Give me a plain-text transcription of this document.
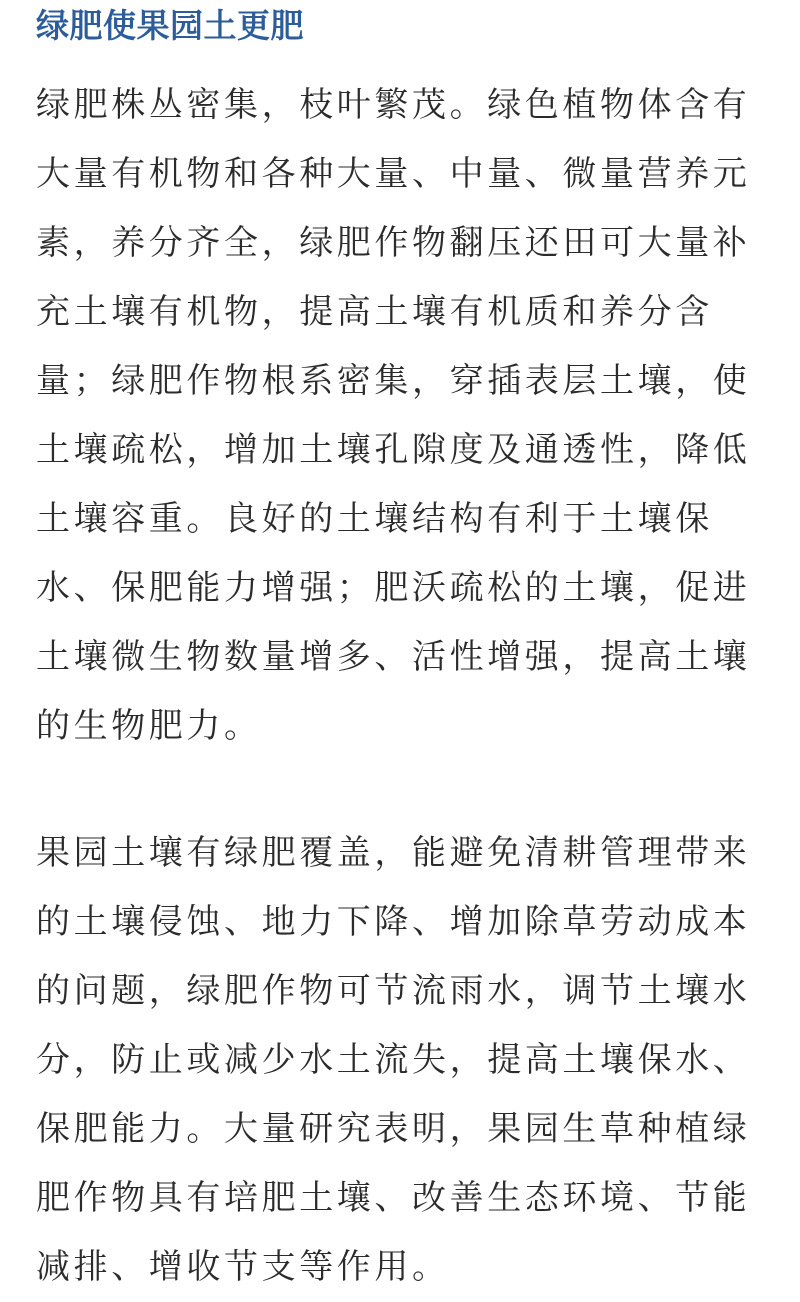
绿肥使果园土更肥

绿肥株丛密集，枝叶繁茂。绿色植物体含有
大量有机物和各种大量、中量、微量营养元
素，养分齐全，绿肥作物翻压还田可大量补
充土壤有机物，提高土壤有机质和养分含
量；绿肥作物根系密集，穿插表层土壤，使
土壤疏松，增加土壤孔隙度及通透性，降低
土壤容重。良好的土壤结构有利于土壤保
水、保肥能力增强；肥沃疏松的土壤，促进
土壤微生物数量增多、活性增强，提高土壤
的生物肥力。

果园土壤有绿肥覆盖，能避免清耕管理带来
的土壤侵蚀、地力下降、增加除草劳动成本
的问题，绿肥作物可节流雨水，调节土壤水
分，防止或减少水土流失，提高土壤保水、
保肥能力。大量研究表明，果园生草种植绿
肥作物具有培肥土壤、改善生态环境、节能
减排、增收节支等作用。
